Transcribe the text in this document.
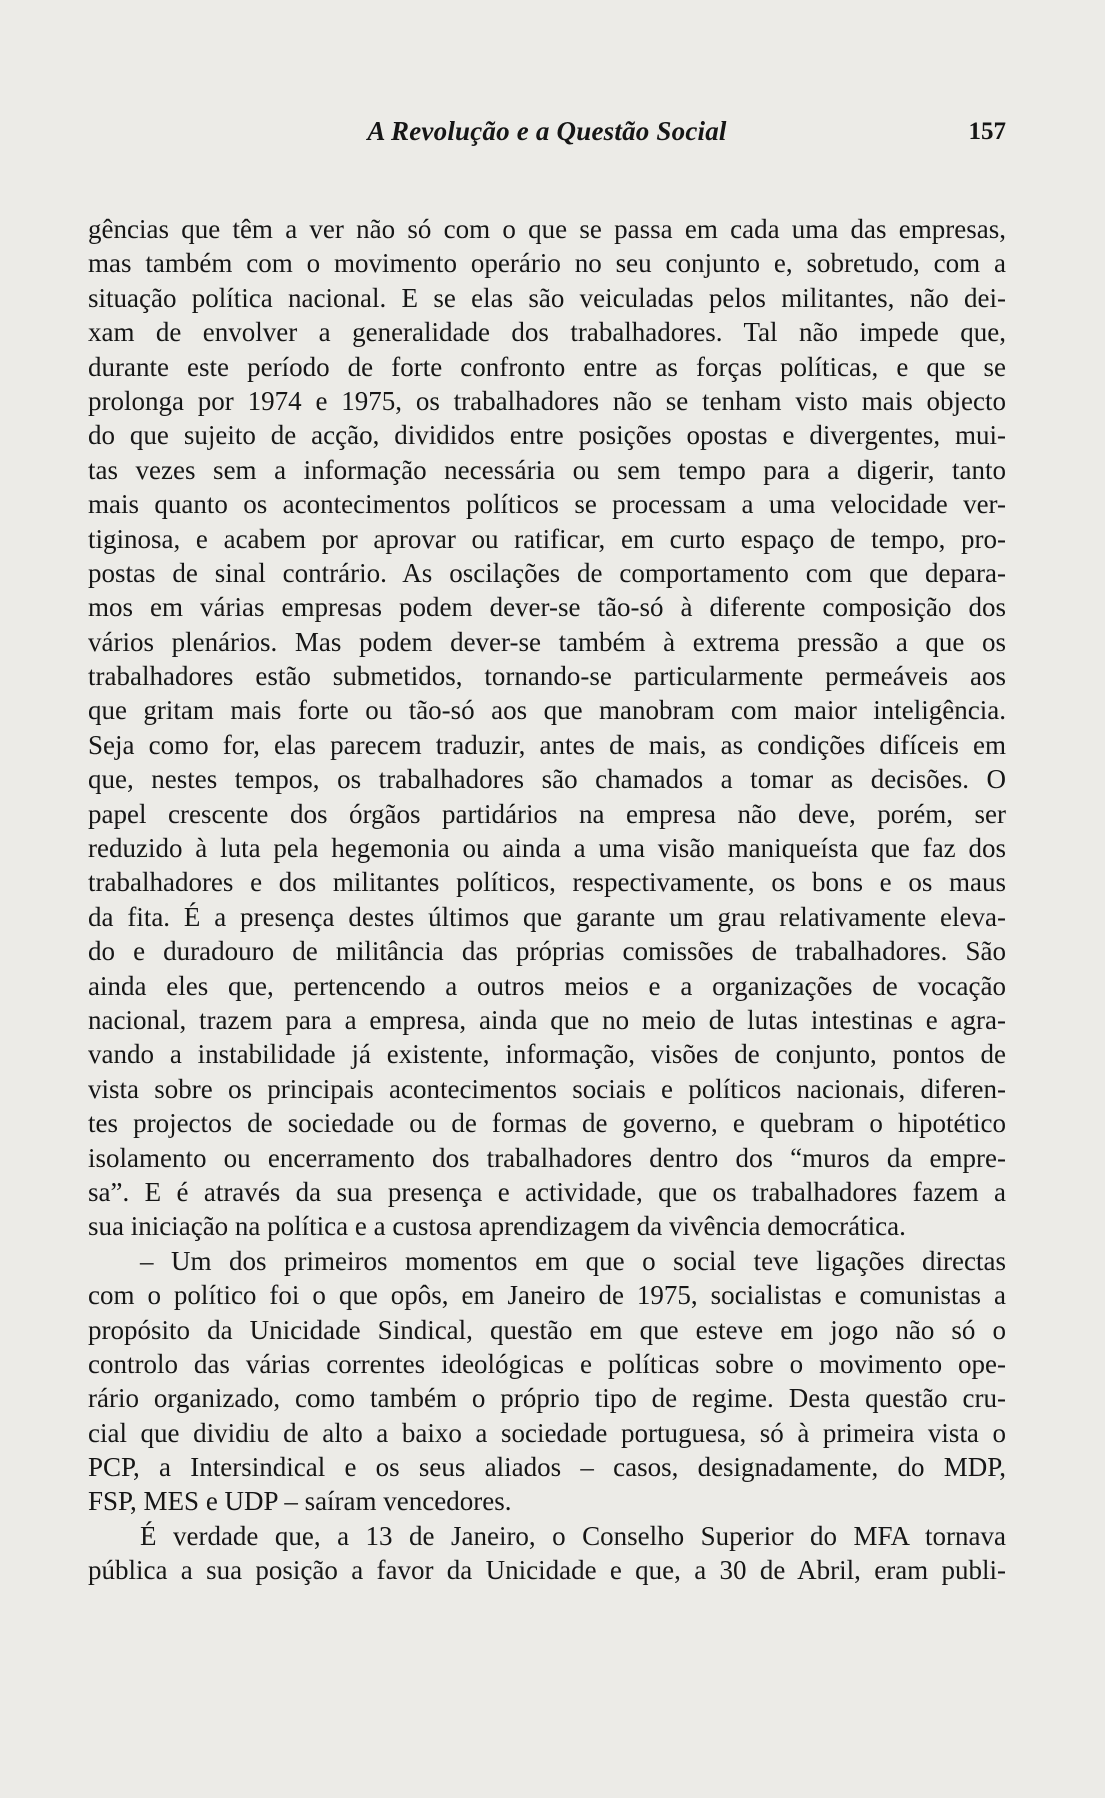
A Revolução e a Questão Social	157
gências que têm a ver não só com o que se passa em cada uma das empresas,
mas também com o movimento operário no seu conjunto e, sobretudo, com a
situação política nacional. E se elas são veiculadas pelos militantes, não dei-
xam de envolver a generalidade dos trabalhadores. Tal não impede que,
durante este período de forte confronto entre as forças políticas, e que se
prolonga por 1974 e 1975, os trabalhadores não se tenham visto mais objecto
do que sujeito de acção, divididos entre posições opostas e divergentes, mui-
tas vezes sem a informação necessária ou sem tempo para a digerir, tanto
mais quanto os acontecimentos políticos se processam a uma velocidade ver-
tiginosa, e acabem por aprovar ou ratificar, em curto espaço de tempo, pro-
postas de sinal contrário. As oscilações de comportamento com que depara-
mos em várias empresas podem dever-se tão-só à diferente composição dos
vários plenários. Mas podem dever-se também à extrema pressão a que os
trabalhadores estão submetidos, tornando-se particularmente permeáveis aos
que gritam mais forte ou tão-só aos que manobram com maior inteligência.
Seja como for, elas parecem traduzir, antes de mais, as condições difíceis em
que, nestes tempos, os trabalhadores são chamados a tomar as decisões. O
papel crescente dos órgãos partidários na empresa não deve, porém, ser
reduzido à luta pela hegemonia ou ainda a uma visão maniqueísta que faz dos
trabalhadores e dos militantes políticos, respectivamente, os bons e os maus
da fita. É a presença destes últimos que garante um grau relativamente eleva-
do e duradouro de militância das próprias comissões de trabalhadores. São
ainda eles que, pertencendo a outros meios e a organizações de vocação
nacional, trazem para a empresa, ainda que no meio de lutas intestinas e agra-
vando a instabilidade já existente, informação, visões de conjunto, pontos de
vista sobre os principais acontecimentos sociais e políticos nacionais, diferen-
tes projectos de sociedade ou de formas de governo, e quebram o hipotético
isolamento ou encerramento dos trabalhadores dentro dos “muros da empre-
sa”. E é através da sua presença e actividade, que os trabalhadores fazem a
sua iniciação na política e a custosa aprendizagem da vivência democrática.
– Um dos primeiros momentos em que o social teve ligações directas
com o político foi o que opôs, em Janeiro de 1975, socialistas e comunistas a
propósito da Unicidade Sindical, questão em que esteve em jogo não só o
controlo das várias correntes ideológicas e políticas sobre o movimento ope-
rário organizado, como também o próprio tipo de regime. Desta questão cru-
cial que dividiu de alto a baixo a sociedade portuguesa, só à primeira vista o
PCP, a Intersindical e os seus aliados – casos, designadamente, do MDP,
FSP, MES e UDP – saíram vencedores.
É verdade que, a 13 de Janeiro, o Conselho Superior do MFA tornava
pública a sua posição a favor da Unicidade e que, a 30 de Abril, eram publi-
